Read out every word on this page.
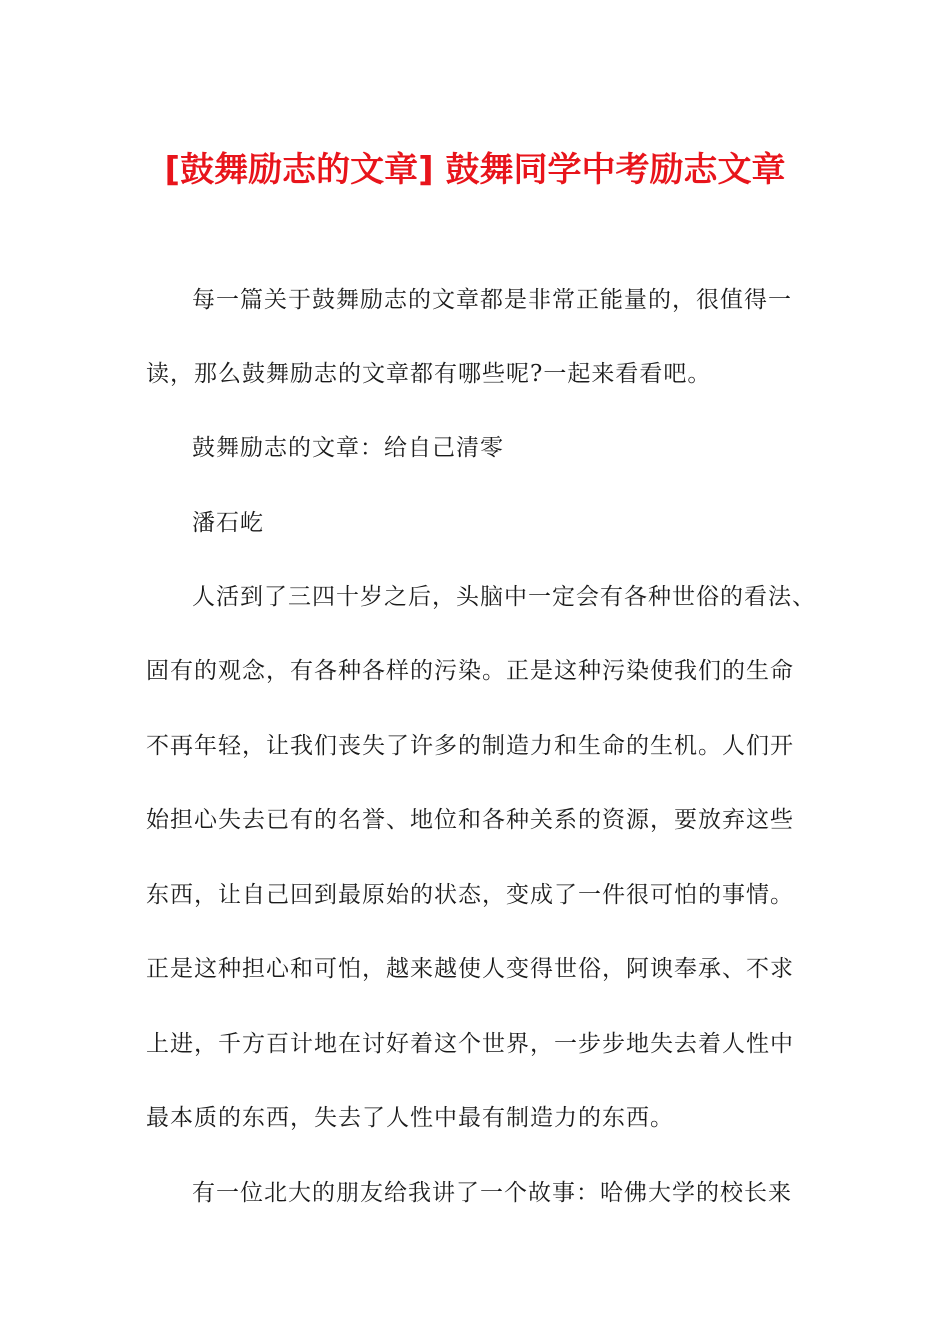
[鼓舞励志的文章] 鼓舞同学中考励志文章

每一篇关于鼓舞励志的文章都是非常正能量的，很值得一

读，那么鼓舞励志的文章都有哪些呢?一起来看看吧。

鼓舞励志的文章：给自己清零

潘石屹

人活到了三四十岁之后，头脑中一定会有各种世俗的看法、

固有的观念，有各种各样的污染。正是这种污染使我们的生命

不再年轻，让我们丧失了许多的制造力和生命的生机。人们开

始担心失去已有的名誉、地位和各种关系的资源，要放弃这些

东西，让自己回到最原始的状态，变成了一件很可怕的事情。

正是这种担心和可怕，越来越使人变得世俗，阿谀奉承、不求

上进，千方百计地在讨好着这个世界，一步步地失去着人性中

最本质的东西，失去了人性中最有制造力的东西。

有一位北大的朋友给我讲了一个故事：哈佛大学的校长来
